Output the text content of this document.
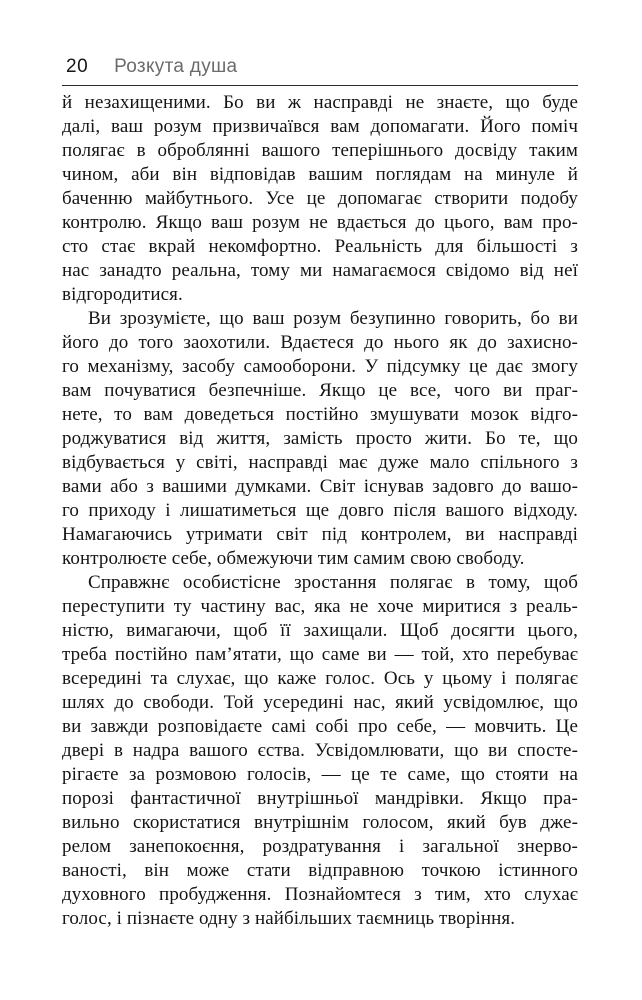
20 Розкута душа
й незахищеними. Бо ви ж насправді не знаєте, що буде
далі, ваш розум призвичаївся вам допомагати. Його поміч
полягає в оброблянні вашого теперішнього досвіду таким
чином, аби він відповідав вашим поглядам на минуле й
баченню майбутнього. Усе це допомагає створити подобу
контролю. Якщо ваш розум не вдається до цього, вам про-
сто стає вкрай некомфортно. Реальність для більшості з
нас занадто реальна, тому ми намагаємося свідомо від неї
відгородитися.
Ви зрозумієте, що ваш розум безупинно говорить, бо ви
його до того заохотили. Вдаєтеся до нього як до захисно-
го механізму, засобу самооборони. У підсумку це дає змогу
вам почуватися безпечніше. Якщо це все, чого ви праг-
нете, то вам доведеться постійно змушувати мозок відго-
роджуватися від життя, замість просто жити. Бо те, що
відбувається у світі, насправді має дуже мало спільного з
вами або з вашими думками. Світ існував задовго до вашо-
го приходу і лишатиметься ще довго після вашого відходу.
Намагаючись утримати світ під контролем, ви насправді
контролюєте себе, обмежуючи тим самим свою свободу.
Справжнє особистісне зростання полягає в тому, щоб
переступити ту частину вас, яка не хоче миритися з реаль-
ністю, вимагаючи, щоб її захищали. Щоб досягти цього,
треба постійно пам’ятати, що саме ви — той, хто перебуває
всередині та слухає, що каже голос. Ось у цьому і полягає
шлях до свободи. Той усередині нас, який усвідомлює, що
ви завжди розповідаєте самі собі про себе, — мовчить. Це
двері в надра вашого єства. Усвідомлювати, що ви спосте-
рігаєте за розмовою голосів, — це те саме, що стояти на
порозі фантастичної внутрішньої мандрівки. Якщо пра-
вильно скористатися внутрішнім голосом, який був дже-
релом занепокоєння, роздратування і загальної знерво-
ваності, він може стати відправною точкою істинного
духовного пробудження. Познайомтеся з тим, хто слухає
голос, і пізнаєте одну з найбільших таємниць творіння.
